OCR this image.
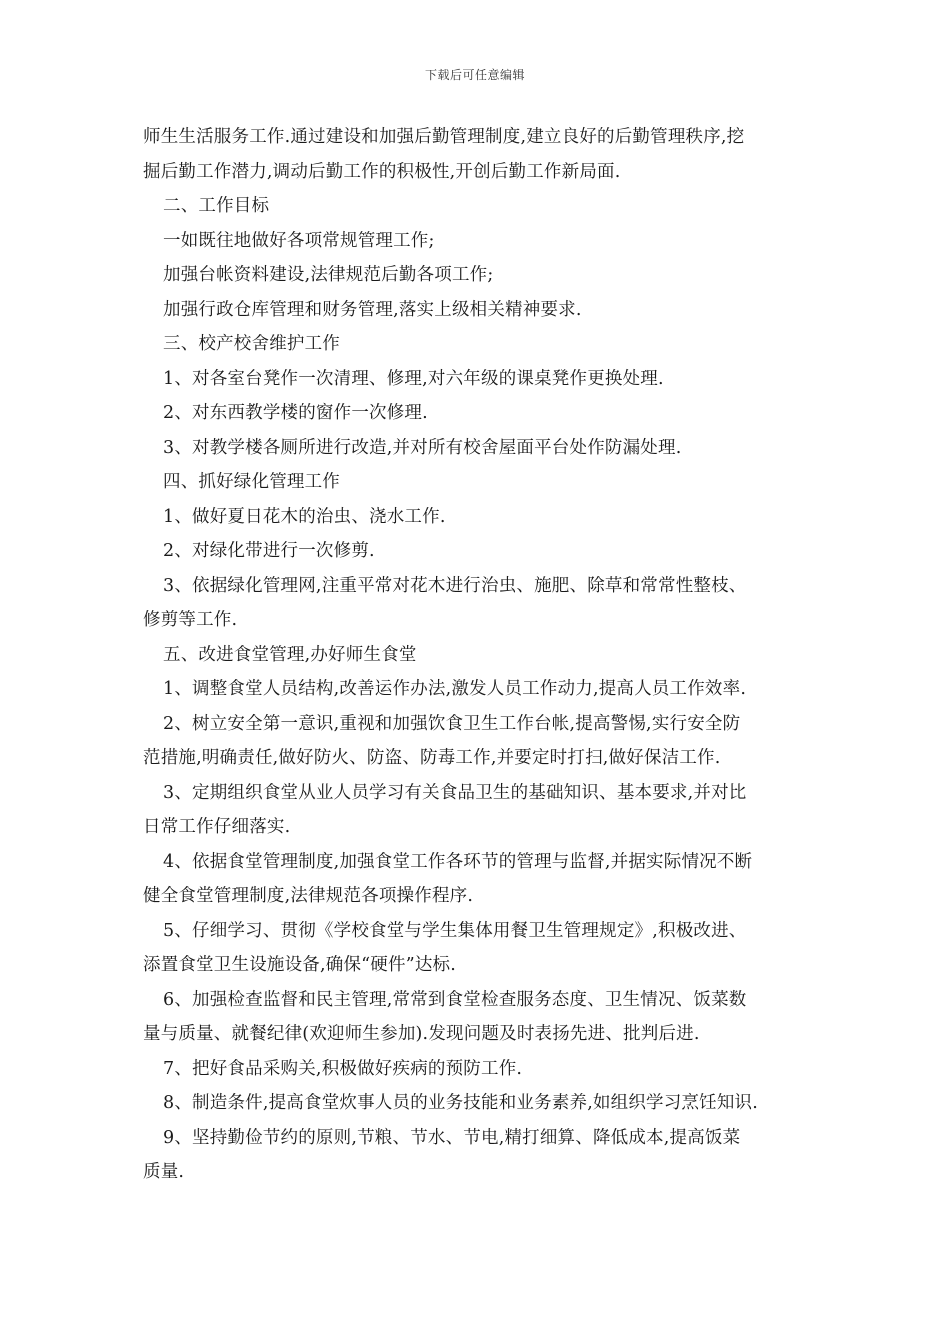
下载后可任意编辑
师生生活服务工作.通过建设和加强后勤管理制度,建立良好的后勤管理秩序,挖
掘后勤工作潜力,调动后勤工作的积极性,开创后勤工作新局面.
二、工作目标
一如既往地做好各项常规管理工作;
加强台帐资料建设,法律规范后勤各项工作;
加强行政仓库管理和财务管理,落实上级相关精神要求.
三、校产校舍维护工作
1、对各室台凳作一次清理、修理,对六年级的课桌凳作更换处理.
2、对东西教学楼的窗作一次修理.
3、对教学楼各厕所进行改造,并对所有校舍屋面平台处作防漏处理.
四、抓好绿化管理工作
1、做好夏日花木的治虫、浇水工作.
2、对绿化带进行一次修剪.
3、依据绿化管理网,注重平常对花木进行治虫、施肥、除草和常常性整枝、
修剪等工作.
五、改进食堂管理,办好师生食堂
1、调整食堂人员结构,改善运作办法,激发人员工作动力,提高人员工作效率.
2、树立安全第一意识,重视和加强饮食卫生工作台帐,提高警惕,实行安全防
范措施,明确责任,做好防火、防盗、防毒工作,并要定时打扫,做好保洁工作.
3、定期组织食堂从业人员学习有关食品卫生的基础知识、基本要求,并对比
日常工作仔细落实.
4、依据食堂管理制度,加强食堂工作各环节的管理与监督,并据实际情况不断
健全食堂管理制度,法律规范各项操作程序.
5、仔细学习、贯彻《学校食堂与学生集体用餐卫生管理规定》,积极改进、
添置食堂卫生设施设备,确保“硬件”达标.
6、加强检查监督和民主管理,常常到食堂检查服务态度、卫生情况、饭菜数
量与质量、就餐纪律(欢迎师生参加).发现问题及时表扬先进、批判后进.
7、把好食品采购关,积极做好疾病的预防工作.
8、制造条件,提高食堂炊事人员的业务技能和业务素养,如组织学习烹饪知识.
9、坚持勤俭节约的原则,节粮、节水、节电,精打细算、降低成本,提高饭菜
质量.
